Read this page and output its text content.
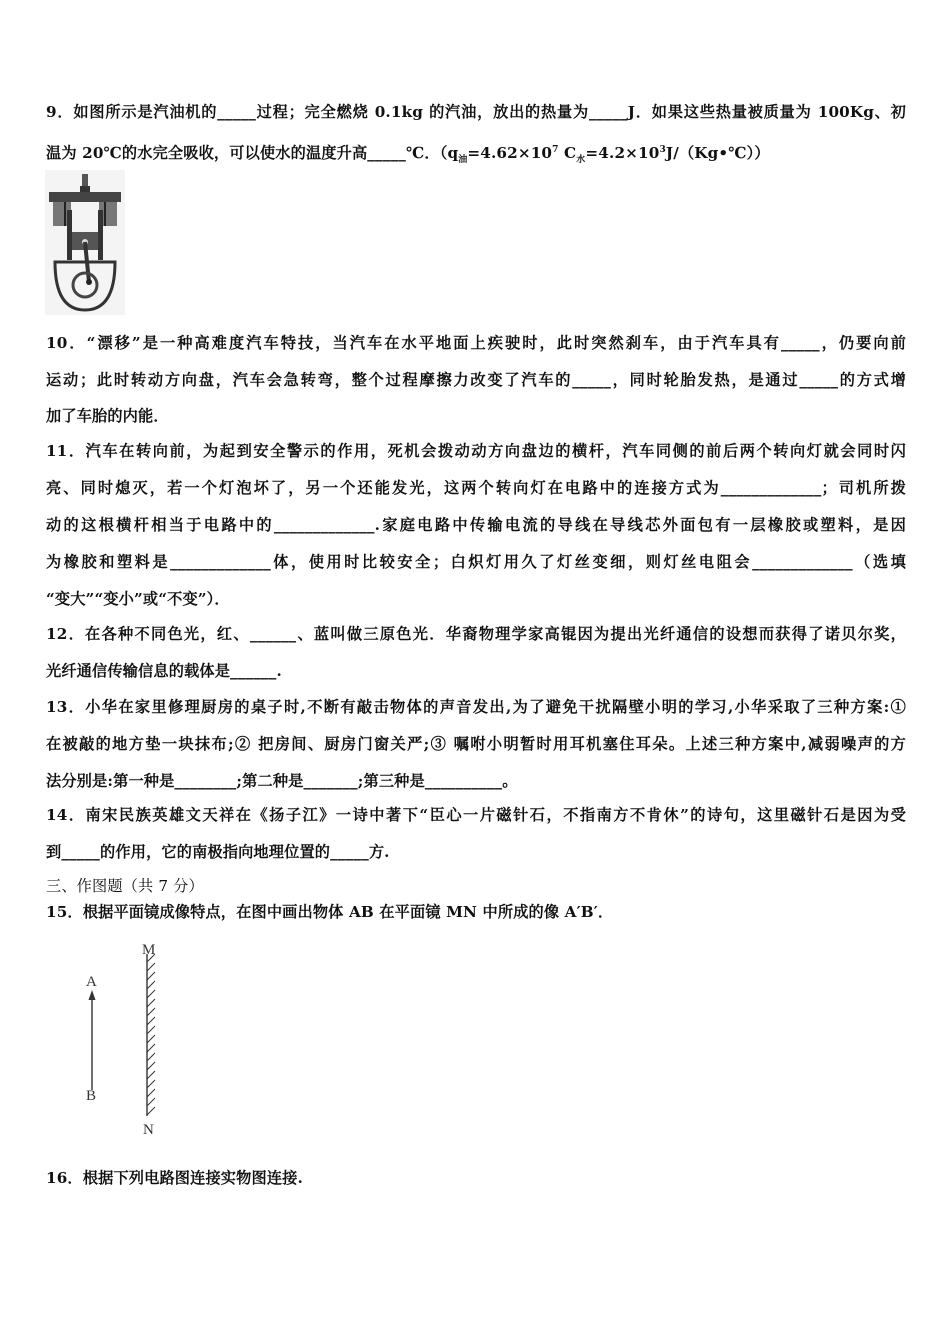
9．如图所示是汽油机的_____过程；完全燃烧 0.1kg 的汽油，放出的热量为_____J．如果这些热量被质量为 100Kg、初
温为 20℃的水完全吸收，可以使水的温度升高_____℃．（$q_油=4.62\times 10^7$ $C_水=4.2\times 10^3J/(Kg•℃)$）
10．“漂移”是一种高难度汽车特技，当汽车在水平地面上疾驶时，此时突然刹车，由于汽车具有_____，仍要向前
运动；此时转动方向盘，汽车会急转弯，整个过程摩擦力改变了汽车的_____，同时轮胎发热，是通过_____的方式增
加了车胎的内能．
11．汽车在转向前，为起到安全警示的作用，死机会拨动动方向盘边的横杆，汽车同侧的前后两个转向灯就会同时闪
亮、同时熄灭，若一个灯泡坏了，另一个还能发光，这两个转向灯在电路中的连接方式为_____________；司机所拨
动的这根横杆相当于电路中的_____________.家庭电路中传输电流的导线在导线芯外面包有一层橡胶或塑料，是因
为橡胶和塑料是_____________体，使用时比较安全；白炽灯用久了灯丝变细，则灯丝电阻会_____________（选填
“变大”“变小”或“不变”）．
12．在各种不同色光，红、______、蓝叫做三原色光．华裔物理学家高锟因为提出光纤通信的设想而获得了诺贝尔奖，
光纤通信传输信息的载体是______.
13．小华在家里修理厨房的桌子时,不断有敲击物体的声音发出,为了避免干扰隔壁小明的学习,小华采取了三种方案:①
在被敲的地方垫一块抹布;② 把房间、厨房门窗关严;③ 嘱咐小明暂时用耳机塞住耳朵。上述三种方案中,减弱噪声的方
法分别是:第一种是________;第二种是_______;第三种是__________。
14．南宋民族英雄文天祥在《扬子江》一诗中著下“臣心一片磁针石，不指南方不肯休”的诗句，这里磁针石是因为受
到_____的作用，它的南极指向地理位置的_____方.
三、作图题（共 7 分）
15．根据平面镜成像特点，在图中画出物体 AB 在平面镜 MN 中所成的像 A′B′．
A
B
M
N
16．根据下列电路图连接实物图连接.
